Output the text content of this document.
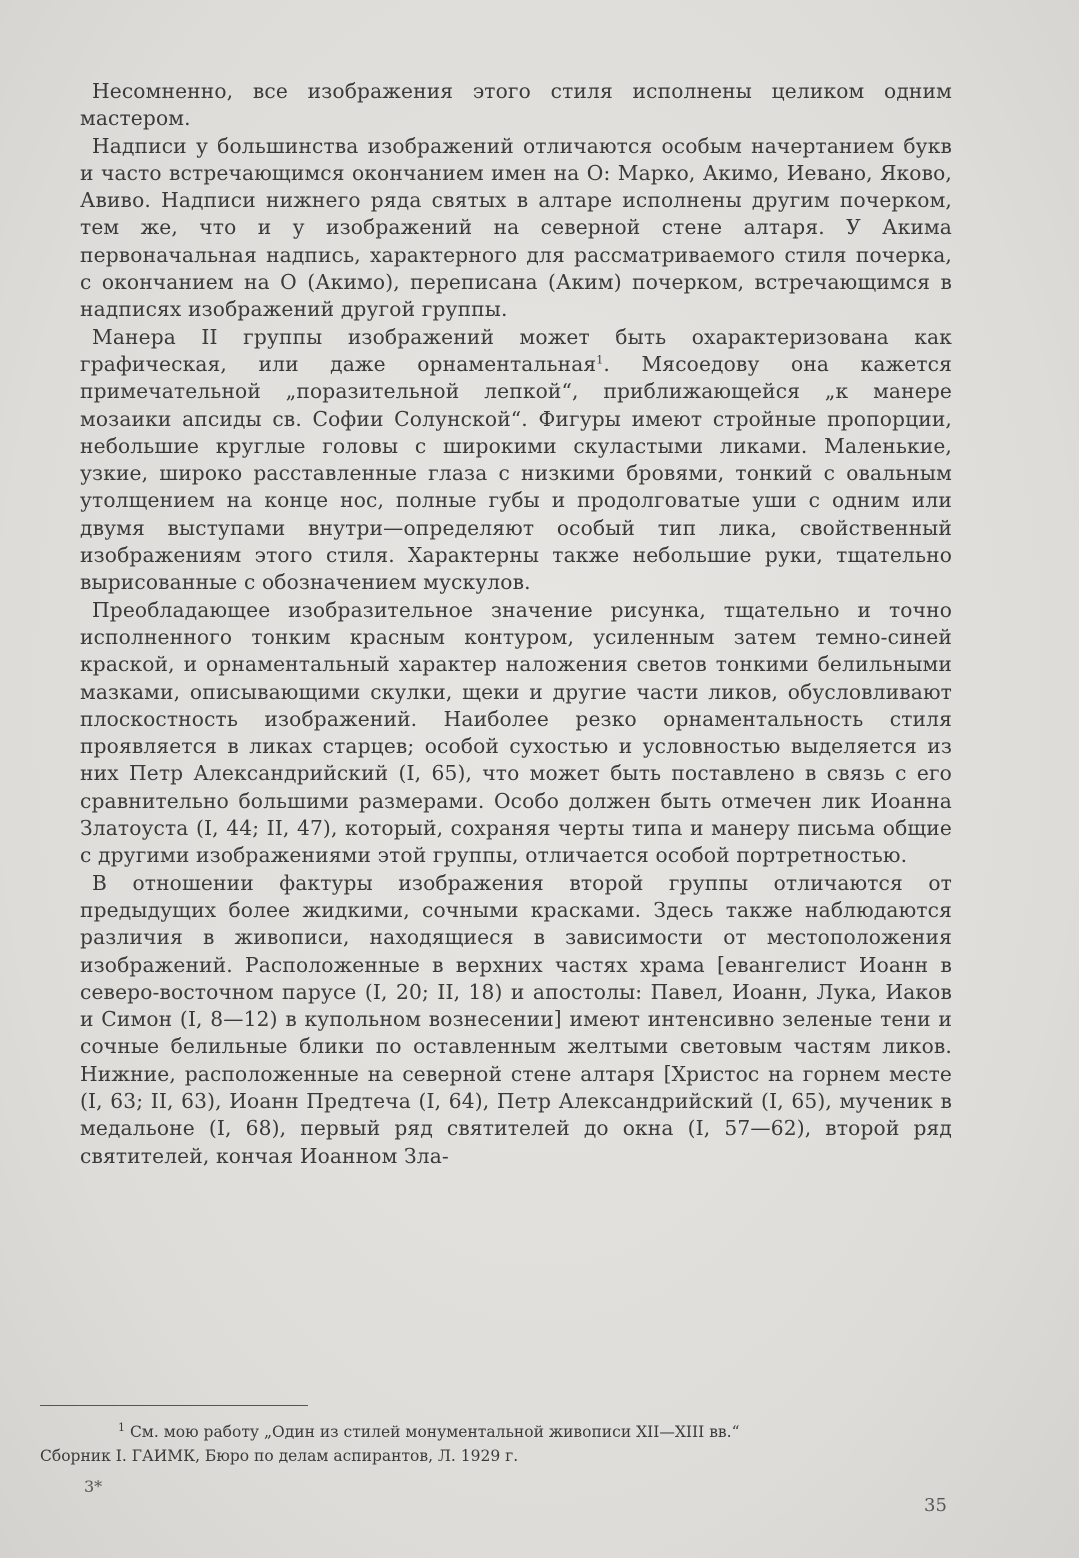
Несомненно, все изображения этого стиля исполнены целиком одним мастером.

Надписи у большинства изображений отличаются особым начертанием букв и часто встречающимся окончанием имен на О: Марко, Акимо, Иевано, Яково, Авиво. Надписи нижнего ряда святых в алтаре исполнены другим почерком, тем же, что и у изображений на северной стене алтаря. У Акима первоначальная надпись, характерного для рассматриваемого стиля почерка, с окончанием на О (Акимо), переписана (Аким) почерком, встречающимся в надписях изображений другой группы.

Манера II группы изображений может быть охарактеризована как графическая, или даже орнаментальная$^1$. Мясоедову она кажется примечательной „поразительной лепкой“, приближающейся „к манере мозаики апсиды св. Софии Солунской“. Фигуры имеют стройные пропорции, небольшие круглые головы с широкими скуластыми ликами. Маленькие, узкие, широко расставленные глаза с низкими бровями, тонкий с овальным утолщением на конце нос, полные губы и продолговатые уши с одним или двумя выступами внутри—определяют особый тип лика, свойственный изображениям этого стиля. Характерны также небольшие руки, тщательно вырисованные с обозначением мускулов.

Преобладающее изобразительное значение рисунка, тщательно и точно исполненного тонким красным контуром, усиленным затем темно-синей краской, и орнаментальный характер наложения светов тонкими белильными мазками, описывающими скулки, щеки и другие части ликов, обусловливают плоскостность изображений. Наиболее резко орнаментальность стиля проявляется в ликах старцев; особой сухостью и условностью выделяется из них Петр Александрийский (I, 65), что может быть поставлено в связь с его сравнительно большими размерами. Особо должен быть отмечен лик Иоанна Златоуста (I, 44; II, 47), который, сохраняя черты типа и манеру письма общие с другими изображениями этой группы, отличается особой портретностью.

В отношении фактуры изображения второй группы отличаются от предыдущих более жидкими, сочными красками. Здесь также наблюдаются различия в живописи, находящиеся в зависимости от местоположения изображений. Расположенные в верхних частях храма [евангелист Иоанн в северо-восточном парусе (I, 20; II, 18) и апостолы: Павел, Иоанн, Лука, Иаков и Симон (I, 8—12) в купольном вознесении] имеют интенсивно зеленые тени и сочные белильные блики по оставленным желтыми световым частям ликов. Нижние, расположенные на северной стене алтаря [Христос на горнем месте (I, 63; II, 63), Иоанн Предтеча (I, 64), Петр Александрийский (I, 65), мученик в медальоне (I, 68), первый ряд святителей до окна (I, 57—62), второй ряд святителей, кончая Иоанном Зла-

$^1$ См. мою работу „Один из стилей монументальной живописи XII—XIII вв.“
Сборник I. ГАИМК, Бюро по делам аспирантов, Л. 1929 г.
3*
35
